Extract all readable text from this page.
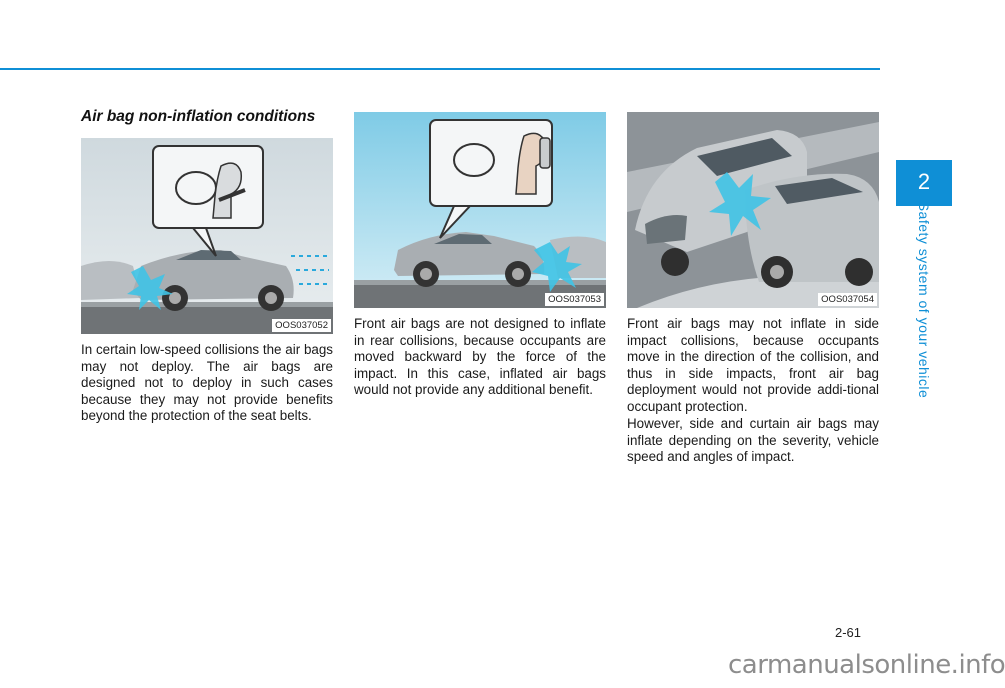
2
Safety system of your vehicle
Air bag non-inflation conditions
OOS037052

In certain low-speed collisions the air bags may not deploy. The air bags are designed not to deploy in such cases because they may not provide benefits beyond the protection of the seat belts.

OOS037053

Front air bags are not designed to inflate in rear collisions, because occupants are moved backward by the force of the impact. In this case, inflated air bags would not provide any additional benefit.

OOS037054

Front air bags may not inflate in side impact collisions, because occupants move in the direction of the collision, and thus in side impacts, front air bag deployment would not provide addi-tional occupant protection.

However, side and curtain air bags may inflate depending on the severity, vehicle speed and angles of impact.

2-61
carmanualsonline.info
